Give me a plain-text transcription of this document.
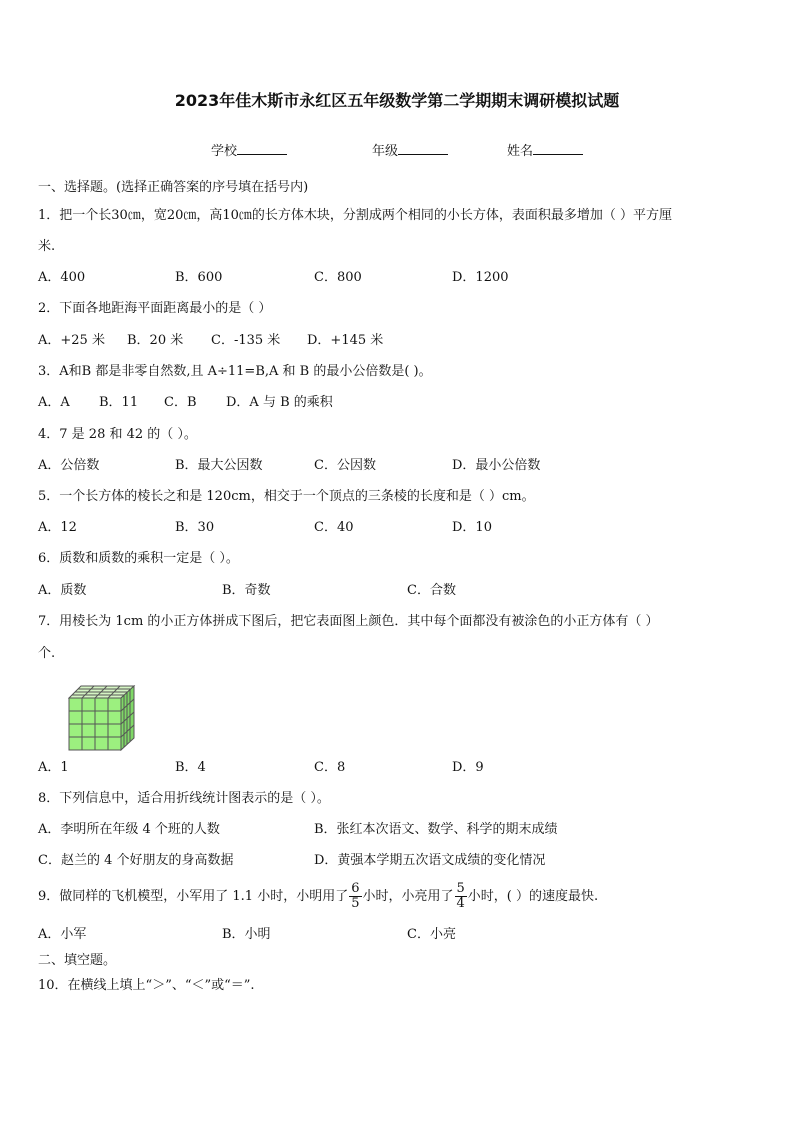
2023年佳木斯市永红区五年级数学第二学期期末调研模拟试题
学校	年级	姓名
一、选择题。(选择正确答案的序号填在括号内)
1．把一个长30㎝，宽20㎝，高10㎝的长方体木块，分割成两个相同的小长方体，表面积最多增加（ ）平方厘
米.
A．400	B．600	C．800	D．1200
2．下面各地距海平面距离最小的是（ ）
A．+25 米 B．20 米 C．-135 米 D．+145 米
3．A和B 都是非零自然数,且 A÷11=B,A 和 B 的最小公倍数是( )。
A．A B．11 C．B D．A 与 B 的乘积
4．7 是 28 和 42 的（ ）。
A．公倍数	B．最大公因数	C．公因数	D．最小公倍数
5．一个长方体的棱长之和是 120cm，相交于一个顶点的三条棱的长度和是（ ）cm。
A．12	B．30	C．40	D．10
6．质数和质数的乘积一定是（ ）。
A．质数	B．奇数	C．合数
7．用棱长为 1cm 的小正方体拼成下图后，把它表面图上颜色．其中每个面都没有被涂色的小正方体有（ ）
个.
A．1	B．4	C．8	D．9
8．下列信息中，适合用折线统计图表示的是（ ）。
A．李明所在年级 4 个班的人数	B．张红本次语文、数学、科学的期末成绩
C．赵兰的 4 个好朋友的身高数据	D．黄强本学期五次语文成绩的变化情况
9．做同样的飞机模型，小军用了 1.1 小时，小明用了 $\frac{6}{5}$ 小时，小亮用了 $\frac{5}{4}$ 小时，( ）的速度最快.
A．小军	B．小明	C．小亮
二、填空题。
10．在横线上填上“＞”、“＜”或“＝”.
